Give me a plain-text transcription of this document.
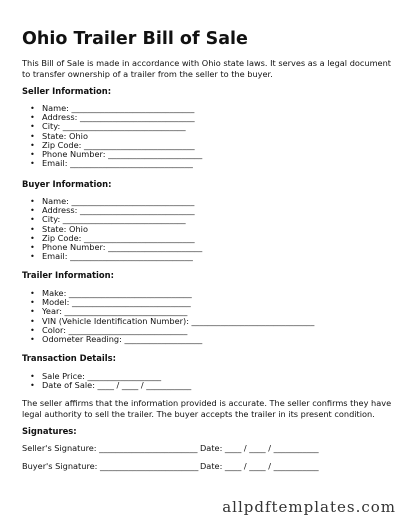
Ohio Trailer Bill of Sale
This Bill of Sale is made in accordance with Ohio state laws. It serves as a legal document to transfer ownership of a trailer from the seller to the buyer.
Seller Information:
• Name: ______________________________
• Address: ____________________________
• City: ______________________________
• State: Ohio
• Zip Code: ___________________________
• Phone Number: _______________________
• Email: ______________________________
Buyer Information:
• Name: ______________________________
• Address: ____________________________
• City: ______________________________
• State: Ohio
• Zip Code: ___________________________
• Phone Number: _______________________
• Email: ______________________________
Trailer Information:
• Make: ______________________________
• Model: _____________________________
• Year: ______________________________
• VIN (Vehicle Identification Number): ______________________________
• Color: _____________________________
• Odometer Reading: ___________________
Transaction Details:
• Sale Price: __________________
• Date of Sale: ____ / ____ / ___________
The seller affirms that the information provided is accurate. The seller confirms they have legal authority to sell the trailer. The buyer accepts the trailer in its present condition.
Signatures:
Seller's Signature: ________________________ Date: ____ / ____ / ___________
Buyer's Signature: ________________________ Date: ____ / ____ / ___________
allpdftemplates.com
